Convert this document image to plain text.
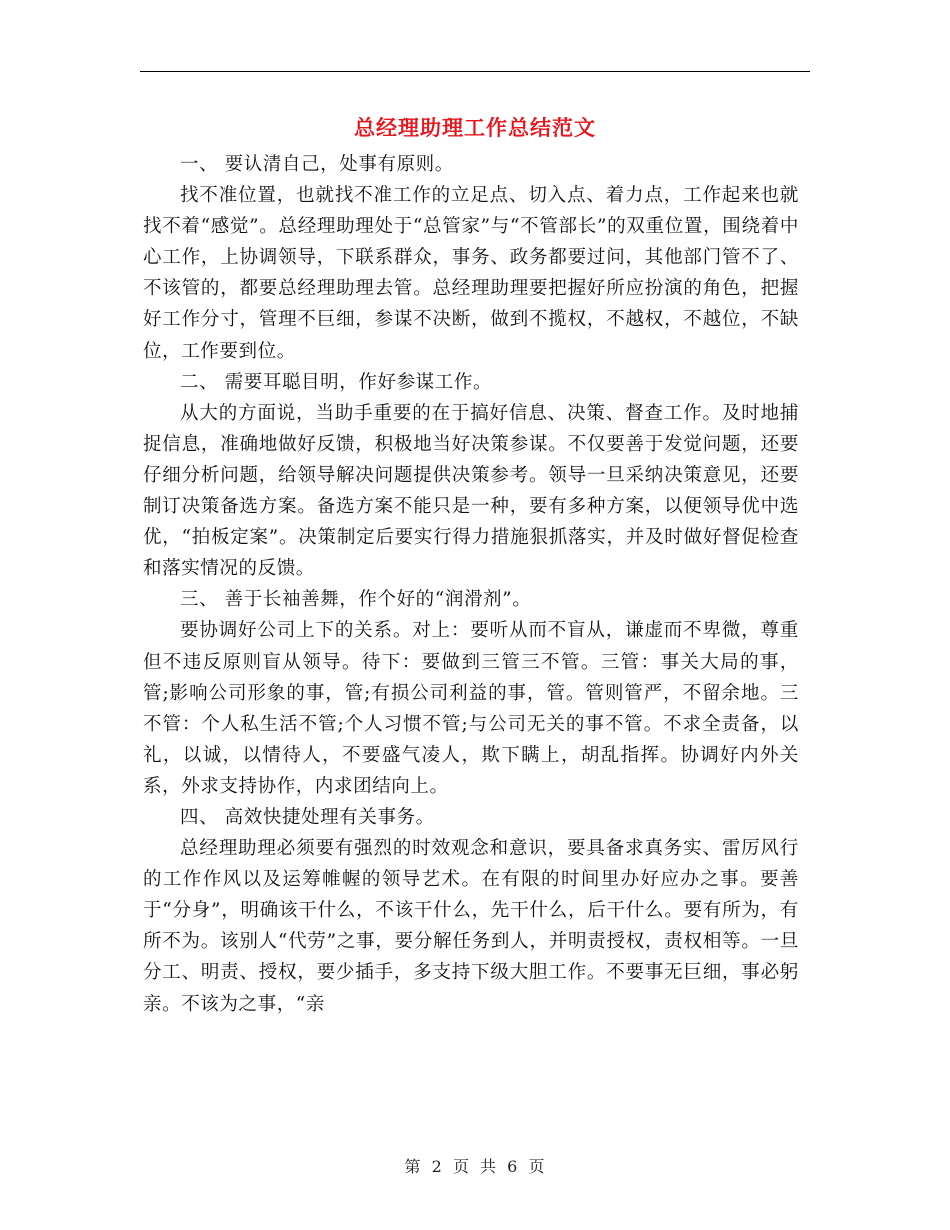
总经理助理工作总结范文

一、 要认清自己，处事有原则。

找不准位置，也就找不准工作的立足点、切入点、着力点，工作起来也就找不着“感觉”。总经理助理处于“总管家”与“不管部长”的双重位置，围绕着中心工作，上协调领导，下联系群众，事务、政务都要过问，其他部门管不了、不该管的，都要总经理助理去管。总经理助理要把握好所应扮演的角色，把握好工作分寸，管理不巨细，参谋不决断，做到不揽权，不越权，不越位，不缺位，工作要到位。

二、 需要耳聪目明，作好参谋工作。

从大的方面说，当助手重要的在于搞好信息、决策、督查工作。及时地捕捉信息，准确地做好反馈，积极地当好决策参谋。不仅要善于发觉问题，还要仔细分析问题，给领导解决问题提供决策参考。领导一旦采纳决策意见，还要制订决策备选方案。备选方案不能只是一种，要有多种方案，以便领导优中选优，“拍板定案”。决策制定后要实行得力措施狠抓落实，并及时做好督促检查和落实情况的反馈。

三、 善于长袖善舞，作个好的“润滑剂”。

要协调好公司上下的关系。对上：要听从而不盲从，谦虚而不卑微，尊重但不违反原则盲从领导。待下：要做到三管三不管。三管：事关大局的事，管;影响公司形象的事，管;有损公司利益的事，管。管则管严，不留余地。三不管：个人私生活不管;个人习惯不管;与公司无关的事不管。不求全责备，以礼，以诚，以情待人，不要盛气凌人，欺下瞒上，胡乱指挥。协调好内外关系，外求支持协作，内求团结向上。

四、 高效快捷处理有关事务。

总经理助理必须要有强烈的时效观念和意识，要具备求真务实、雷厉风行的工作作风以及运筹帷幄的领导艺术。在有限的时间里办好应办之事。要善于“分身”，明确该干什么，不该干什么，先干什么，后干什么。要有所为，有所不为。该别人“代劳”之事，要分解任务到人，并明责授权，责权相等。一旦分工、明责、授权，要少插手，多支持下级大胆工作。不要事无巨细，事必躬亲。不该为之事，“亲

第 2 页 共 6 页
